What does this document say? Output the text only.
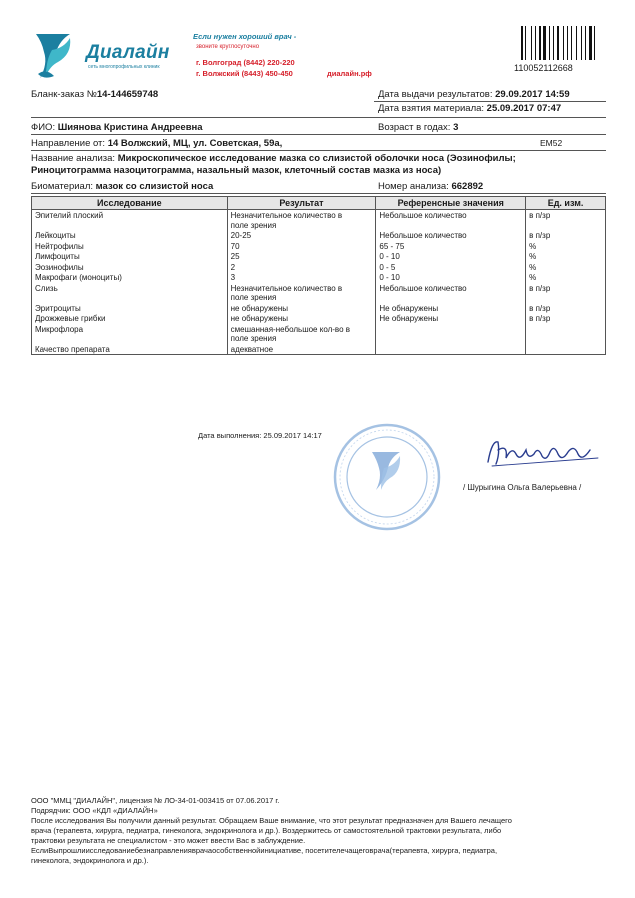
Диалайн
сеть многопрофильных клиник
Если нужен хороший врач -
звоните круглосуточно
г. Волгоград (8442) 220-220
г. Волжский (8443) 450-450	диалайн.рф
110052112668
Бланк-заказ №14-144659748	Дата выдачи результатов: 29.09.2017 14:59
Дата взятия материала: 25.09.2017 07:47
ФИО: Шиянова Кристина Андреевна	Возраст в годах: 3
Направление от: 14 Волжский, МЦ, ул. Советская, 59а,	EM52
Название анализа: Микроскопическое исследование мазка со слизистой оболочки носа (Эозинофилы;
Риноцитограмма назоцитограмма, назальный мазок, клеточный состав мазка из носа)
Биоматериал: мазок со слизистой носа	Номер анализа: 662892
Исследование	Результат	Референсные значения	Ед. изм.

Эпителий плоский	Незначительное количество в
поле зрения	Небольшое количество	в п/зр

Лейкоциты	20-25	Небольшое количество	в п/зр

Нейтрофилы	70	65 - 75	%

Лимфоциты	25	0 - 10	%

Эозинофилы	2	0 - 5	%

Макрофаги (моноциты)	3	0 - 10	%

Слизь	Незначительное количество в
поле зрения	Небольшое количество	в п/зр

Эритроциты	не обнаружены	Не обнаружены	в п/зр

Дрожжевые грибки	не обнаружены	Не обнаружены	в п/зр

Микрофлора	смешанная-небольшое кол-во в
поле зрения		

Качество препарата	адекватное		

Дата выполнения: 25.09.2017 14:17
/ Шурыгина Ольга Валерьевна /
ООО "ММЦ "ДИАЛАЙН", лицензия № ЛО-34-01-003415 от 07.06.2017 г.
Подрядчик: ООО «КДЛ «ДИАЛАЙН»
После исследования Вы получили данный результат. Обращаем Ваше внимание, что этот результат предназначен для Вашего лечащего
врача (терапевта, хирурга, педиатра, гинеколога, эндокринолога и др.). Воздержитесь от самостоятельной трактовки результата, либо
трактовки результата не специалистом - это может ввести Вас в заблуждение.
ЕслиВыпрошлиисследованиебезнаправленияврачаособственнойинициативе, посетителечащеговрача(терапевта, хирурга, педиатра,
гинеколога, эндокринолога и др.).
